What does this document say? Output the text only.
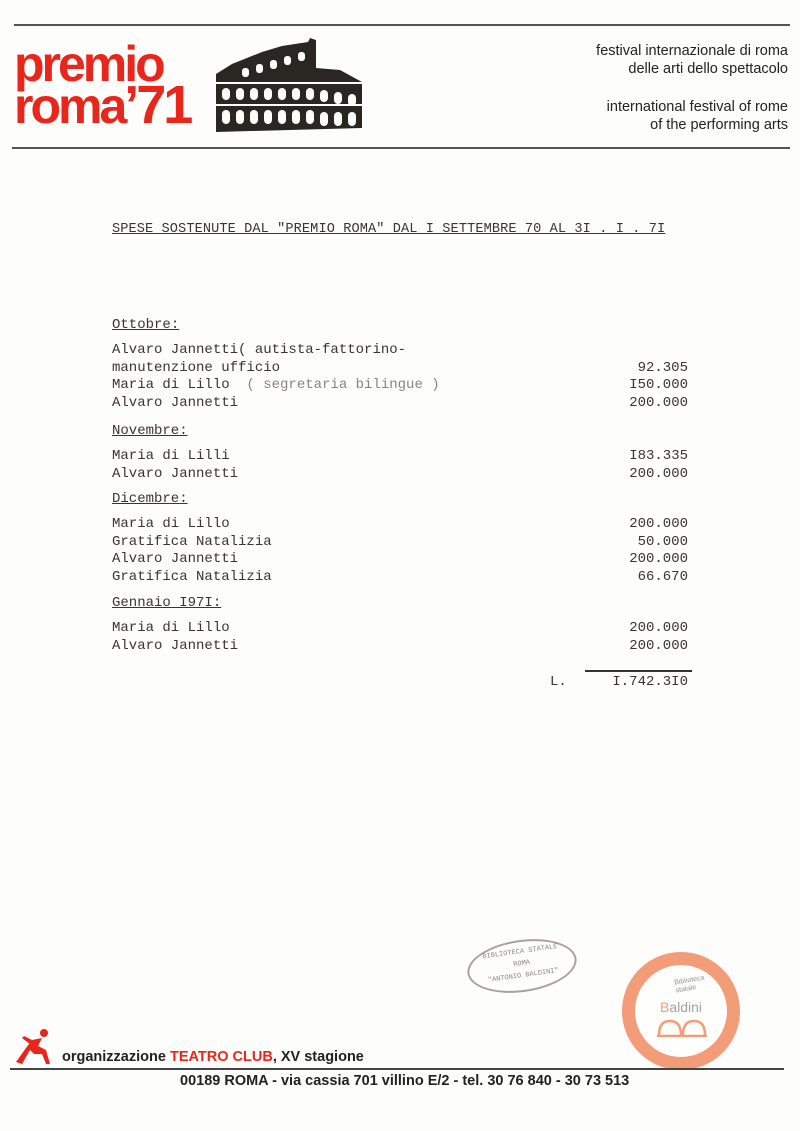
premio
roma’71
festival internazionale di roma
delle arti dello spettacolo
international festival of rome
of the performing arts
SPESE SOSTENUTE DAL "PREMIO ROMA" DAL I SETTEMBRE 70 AL 3I . I . 7I
Ottobre:
Alvaro Jannetti( autista-fattorino-
manutenzione ufficio	92.305
Maria di Lillo  ( segretaria bilingue )	I50.000
Alvaro Jannetti	200.000
Novembre:
Maria di Lilli	I83.335
Alvaro Jannetti	200.000
Dicembre:
Maria di Lillo	200.000
Gratifica Natalizia	50.000
Alvaro Jannetti	200.000
Gratifica Natalizia	66.670
Gennaio I97I:
Maria di Lillo	200.000
Alvaro Jannetti	200.000
L.	I.742.3I0
BIBLIOTECA STATALE
ROMA
"ANTONIO BALDINI"	Biblioteca
statale
Baldini
organizzazione TEATRO CLUB, XV stagione
00189 ROMA - via cassia 701 villino E/2 - tel. 30 76 840 - 30 73 513
